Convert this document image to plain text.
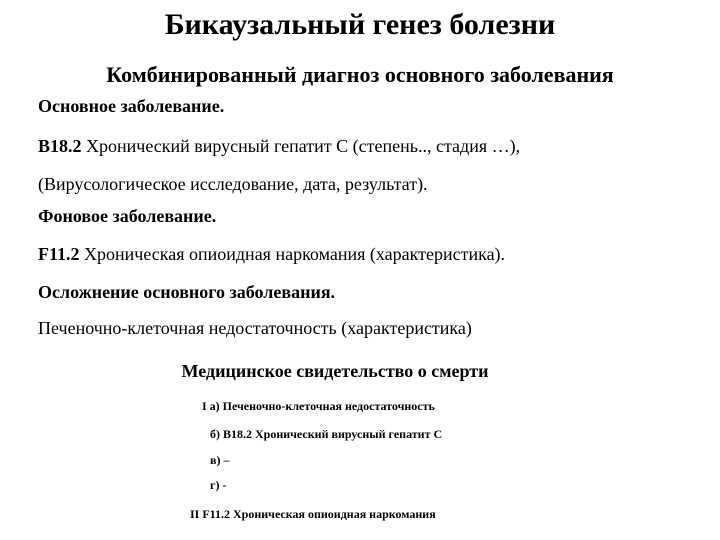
Бикаузальный генез болезни
Комбинированный диагноз основного заболевания
Основное заболевание.
B18.2 Хронический вирусный гепатит С (степень.., стадия …),
(Вирусологическое исследование, дата, результат).
Фоновое заболевание.
F11.2 Хроническая опиоидная наркомания (характеристика).
Осложнение основного заболевания.
Печеночно-клеточная недостаточность (характеристика)
Медицинское свидетельство о смерти
I а) Печеночно-клеточная недостаточность
б) B18.2 Хронический вирусный гепатит С
в) –
г) -
II F11.2 Хроническая опиоидная наркомания
